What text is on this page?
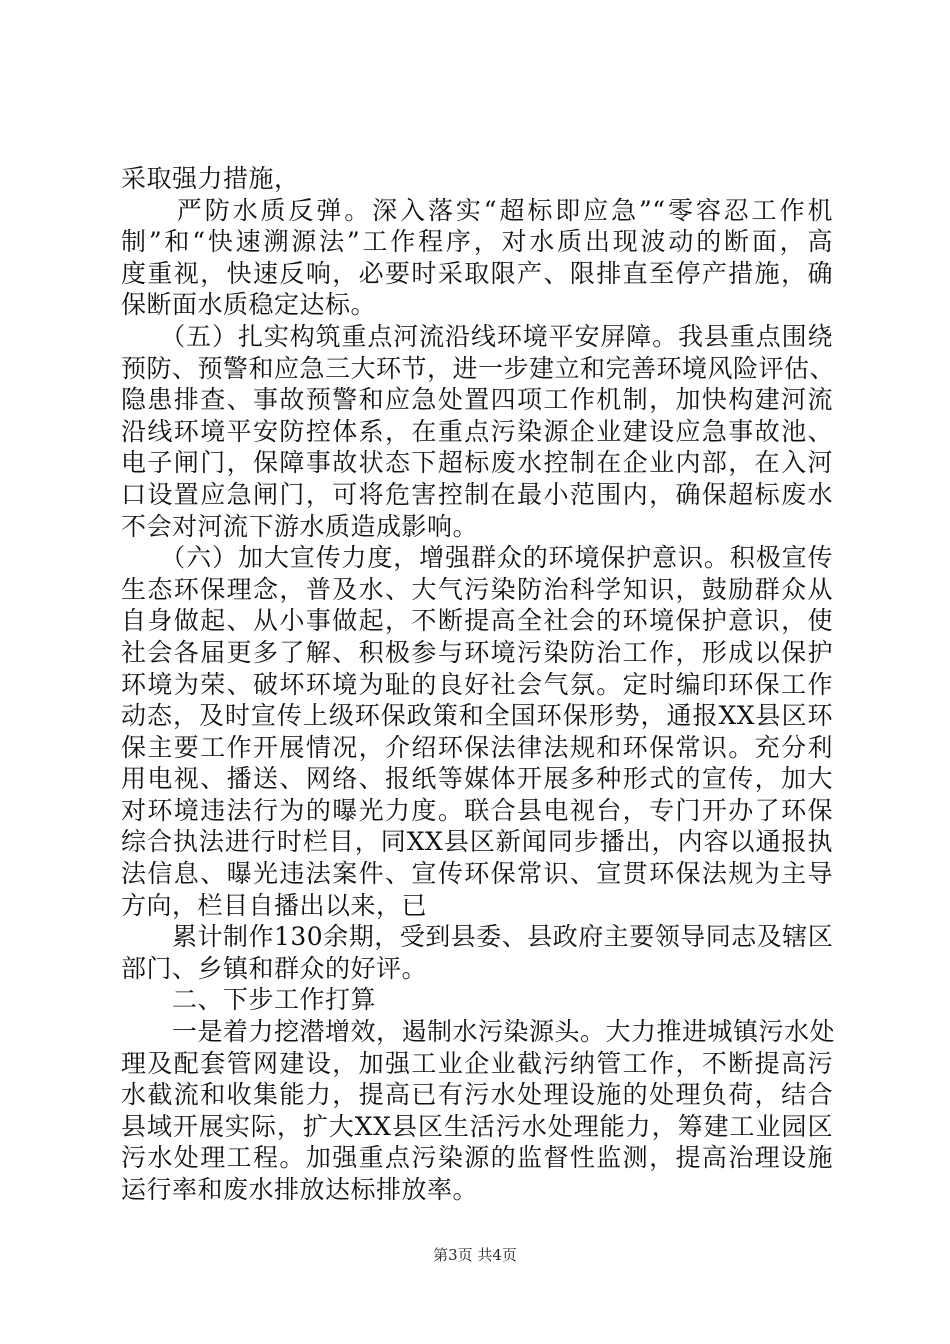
采取强力措施，
　　严防水质反弹。深入落实“超标即应急”“零容忍工作机
制”和“快速溯源法”工作程序，对水质出现波动的断面，高
度重视，快速反响，必要时采取限产、限排直至停产措施，确
保断面水质稳定达标。
　　（五）扎实构筑重点河流沿线环境平安屏障。我县重点围绕
预防、预警和应急三大环节，进一步建立和完善环境风险评估、
隐患排查、事故预警和应急处置四项工作机制，加快构建河流
沿线环境平安防控体系，在重点污染源企业建设应急事故池、
电子闸门，保障事故状态下超标废水控制在企业内部，在入河
口设置应急闸门，可将危害控制在最小范围内，确保超标废水
不会对河流下游水质造成影响。
　　（六）加大宣传力度，增强群众的环境保护意识。积极宣传
生态环保理念，普及水、大气污染防治科学知识，鼓励群众从
自身做起、从小事做起，不断提高全社会的环境保护意识，使
社会各届更多了解、积极参与环境污染防治工作，形成以保护
环境为荣、破坏环境为耻的良好社会气氛。定时编印环保工作
动态，及时宣传上级环保政策和全国环保形势，通报XX县区环
保主要工作开展情况，介绍环保法律法规和环保常识。充分利
用电视、播送、网络、报纸等媒体开展多种形式的宣传，加大
对环境违法行为的曝光力度。联合县电视台，专门开办了环保
综合执法进行时栏目，同XX县区新闻同步播出，内容以通报执
法信息、曝光违法案件、宣传环保常识、宣贯环保法规为主导
方向，栏目自播出以来，已
　　累计制作130余期，受到县委、县政府主要领导同志及辖区
部门、乡镇和群众的好评。
　　二、下步工作打算
　　一是着力挖潜增效，遏制水污染源头。大力推进城镇污水处
理及配套管网建设，加强工业企业截污纳管工作，不断提高污
水截流和收集能力，提高已有污水处理设施的处理负荷，结合
县域开展实际，扩大XX县区生活污水处理能力，筹建工业园区
污水处理工程。加强重点污染源的监督性监测，提高治理设施
运行率和废水排放达标排放率。
第3页 共4页
